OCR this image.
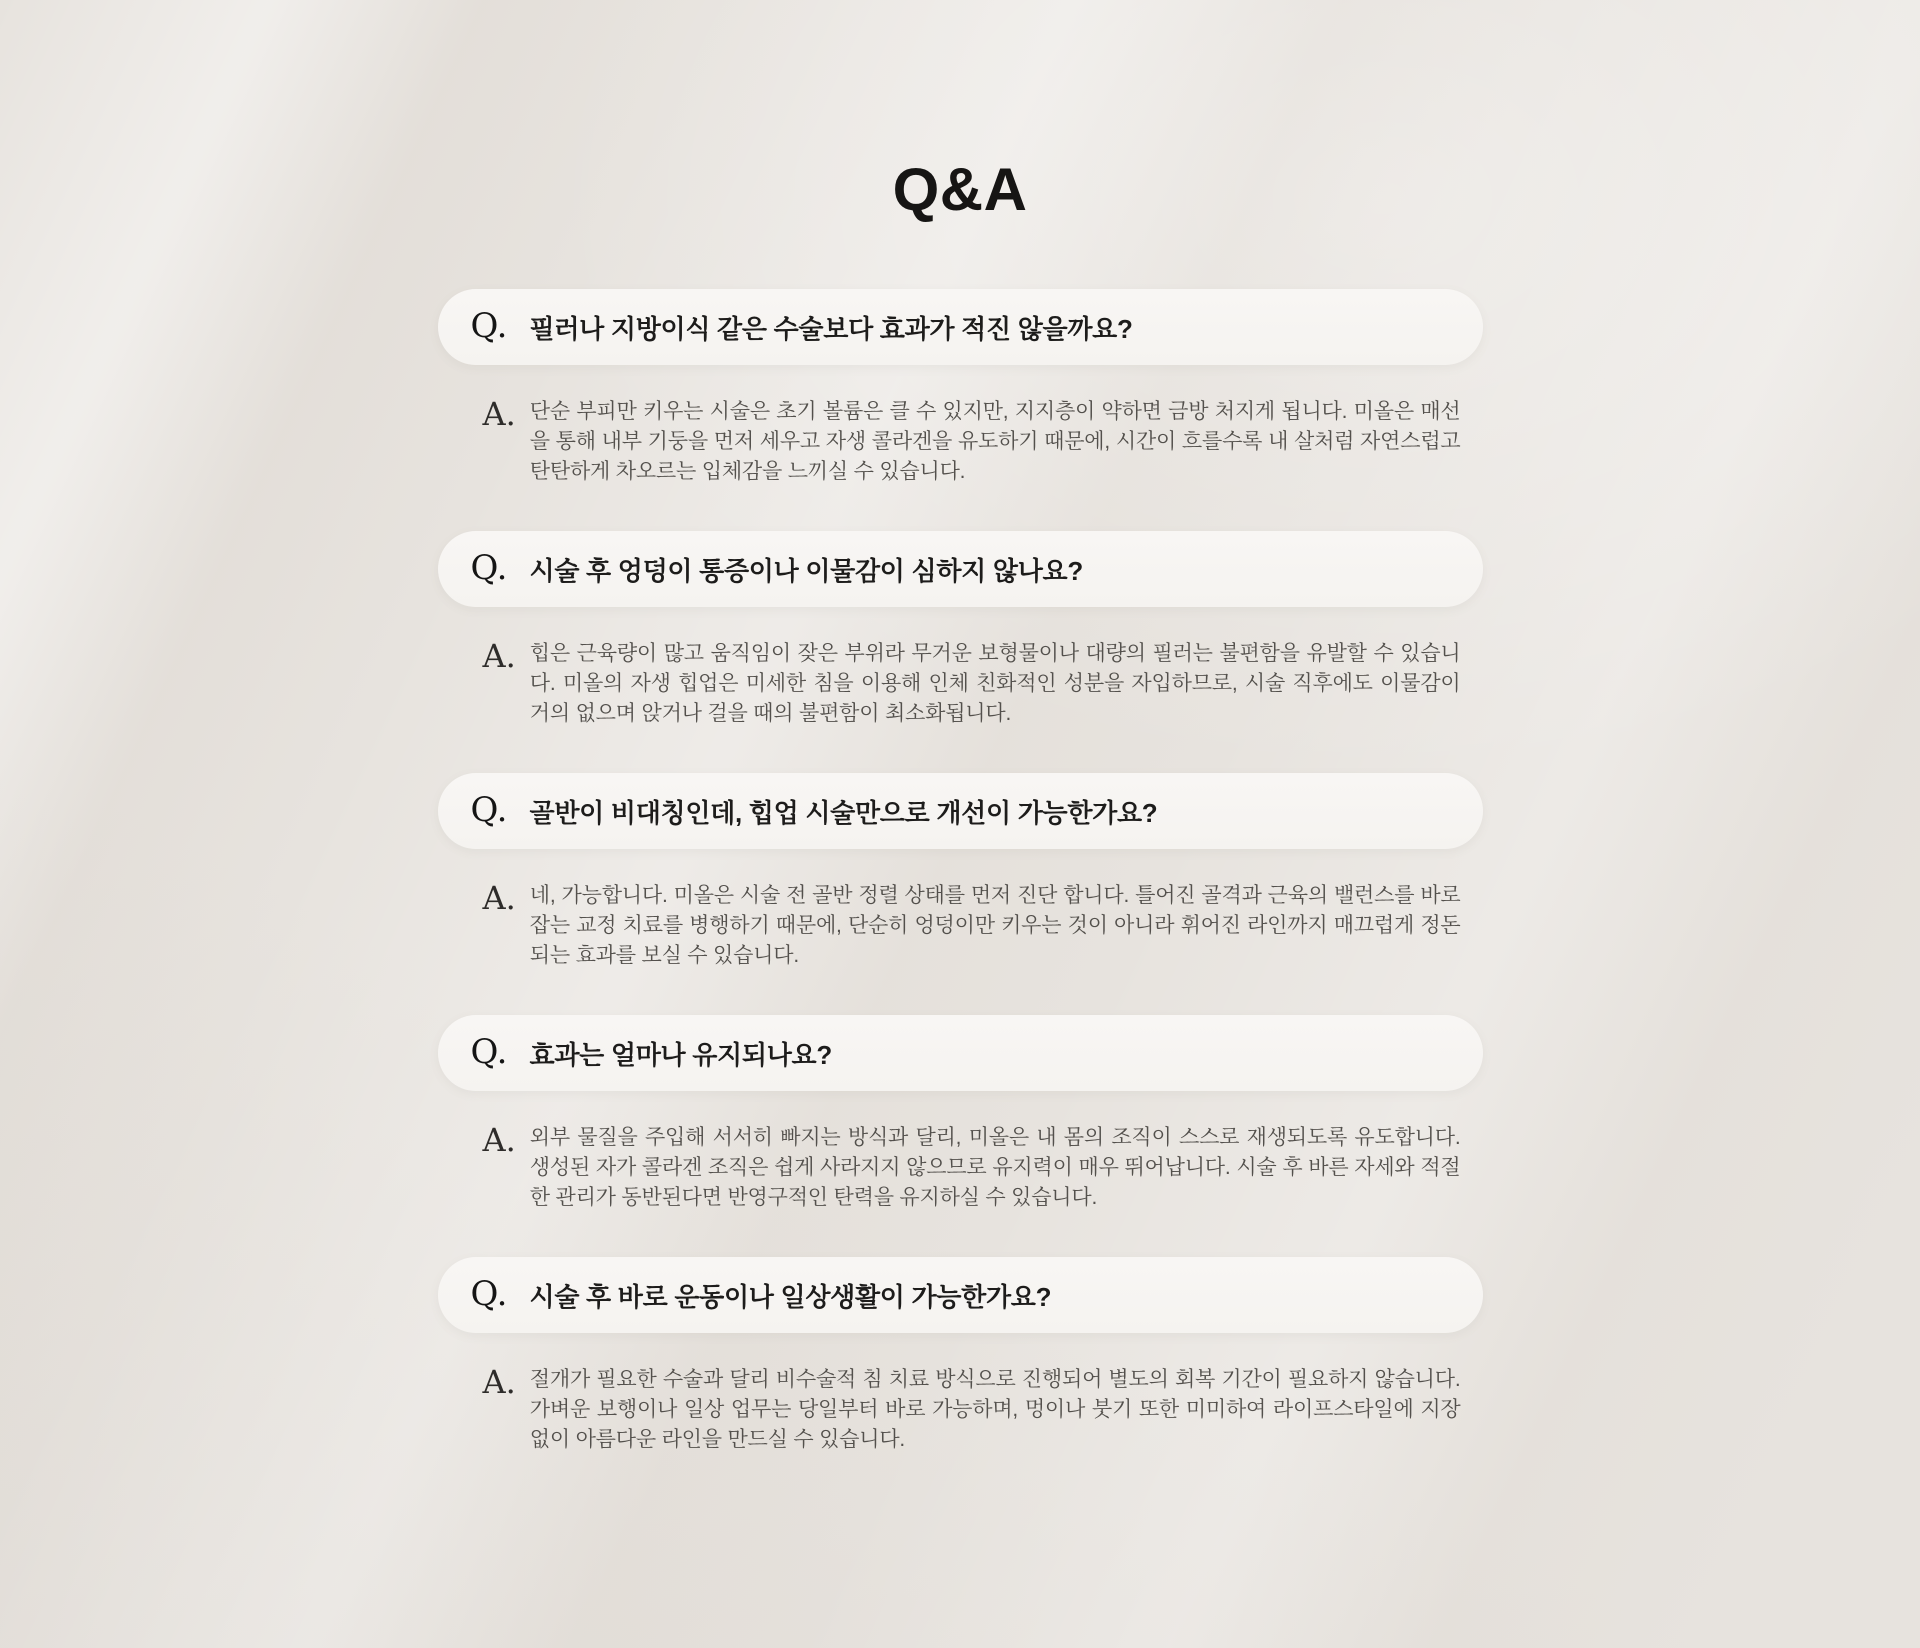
Q&A
Q. 필러나 지방이식 같은 수술보다 효과가 적진 않을까요?
A. 단순 부피만 키우는 시술은 초기 볼륨은 클 수 있지만, 지지층이 약하면 금방 처지게 됩니다. 미올은 매선을 통해 내부 기둥을 먼저 세우고 자생 콜라겐을 유도하기 때문에, 시간이 흐를수록 내 살처럼 자연스럽고 탄탄하게 차오르는 입체감을 느끼실 수 있습니다.

Q. 시술 후 엉덩이 통증이나 이물감이 심하지 않나요?
A. 힙은 근육량이 많고 움직임이 잦은 부위라 무거운 보형물이나 대량의 필러는 불편함을 유발할 수 있습니다. 미올의 자생 힙업은 미세한 침을 이용해 인체 친화적인 성분을 자입하므로, 시술 직후에도 이물감이 거의 없으며 앉거나 걸을 때의 불편함이 최소화됩니다.

Q. 골반이 비대칭인데, 힙업 시술만으로 개선이 가능한가요?
A. 네, 가능합니다. 미올은 시술 전 골반 정렬 상태를 먼저 진단 합니다. 틀어진 골격과 근육의 밸런스를 바로잡는 교정 치료를 병행하기 때문에, 단순히 엉덩이만 키우는 것이 아니라 휘어진 라인까지 매끄럽게 정돈되는 효과를 보실 수 있습니다.

Q. 효과는 얼마나 유지되나요?
A. 외부 물질을 주입해 서서히 빠지는 방식과 달리, 미올은 내 몸의 조직이 스스로 재생되도록 유도합니다. 생성된 자가 콜라겐 조직은 쉽게 사라지지 않으므로 유지력이 매우 뛰어납니다. 시술 후 바른 자세와 적절한 관리가 동반된다면 반영구적인 탄력을 유지하실 수 있습니다.

Q. 시술 후 바로 운동이나 일상생활이 가능한가요?
A. 절개가 필요한 수술과 달리 비수술적 침 치료 방식으로 진행되어 별도의 회복 기간이 필요하지 않습니다. 가벼운 보행이나 일상 업무는 당일부터 바로 가능하며, 멍이나 붓기 또한 미미하여 라이프스타일에 지장 없이 아름다운 라인을 만드실 수 있습니다.
